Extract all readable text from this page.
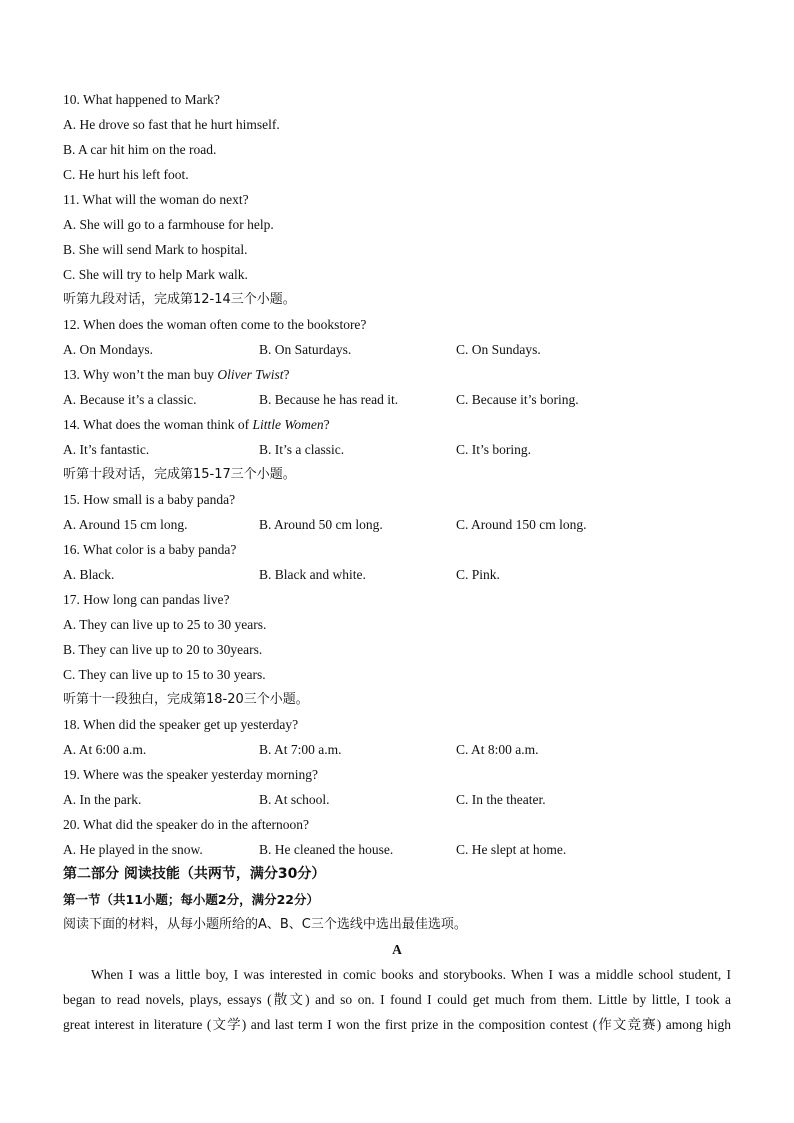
10. What happened to Mark?
A. He drove so fast that he hurt himself.
B. A car hit him on the road.
C. He hurt his left foot.
11. What will the woman do next?
A. She will go to a farmhouse for help.
B. She will send Mark to hospital.
C. She will try to help Mark walk.
听第九段对话，完成第12-14三个小题。
12. When does the woman often come to the bookstore?
A. On Mondays.	B. On Saturdays.	C. On Sundays.
13. Why won’t the man buy Oliver Twist?
A. Because it’s a classic.	B. Because he has read it.	C. Because it’s boring.
14. What does the woman think of Little Women?
A. It’s fantastic.	B. It’s a classic.	C. It’s boring.
听第十段对话，完成第15-17三个小题。
15. How small is a baby panda?
A. Around 15 cm long.	B. Around 50 cm long.	C. Around 150 cm long.
16. What color is a baby panda?
A. Black.	B. Black and white.	C. Pink.
17. How long can pandas live?
A. They can live up to 25 to 30 years.
B. They can live up to 20 to 30years.
C. They can live up to 15 to 30 years.
听第十一段独白，完成第18-20三个小题。
18. When did the speaker get up yesterday?
A. At 6:00 a.m.	B. At 7:00 a.m.	C. At 8:00 a.m.
19. Where was the speaker yesterday morning?
A. In the park.	B. At school.	C. In the theater.
20. What did the speaker do in the afternoon?
A. He played in the snow.	B. He cleaned the house.	C. He slept at home.
第二部分 阅读技能（共两节，满分30分）
第一节（共11小题；每小题2分，满分22分）
阅读下面的材料，从每小题所给的A、B、C三个选线中选出最佳选项。
A
When I was a little boy, I was interested in comic books and storybooks. When I was a middle school student, I
began to read novels, plays, essays (散文) and so on. I found I could get much from them. Little by little, I took a
great interest in literature (文学) and last term I won the first prize in the composition contest (作文竞赛) among high
